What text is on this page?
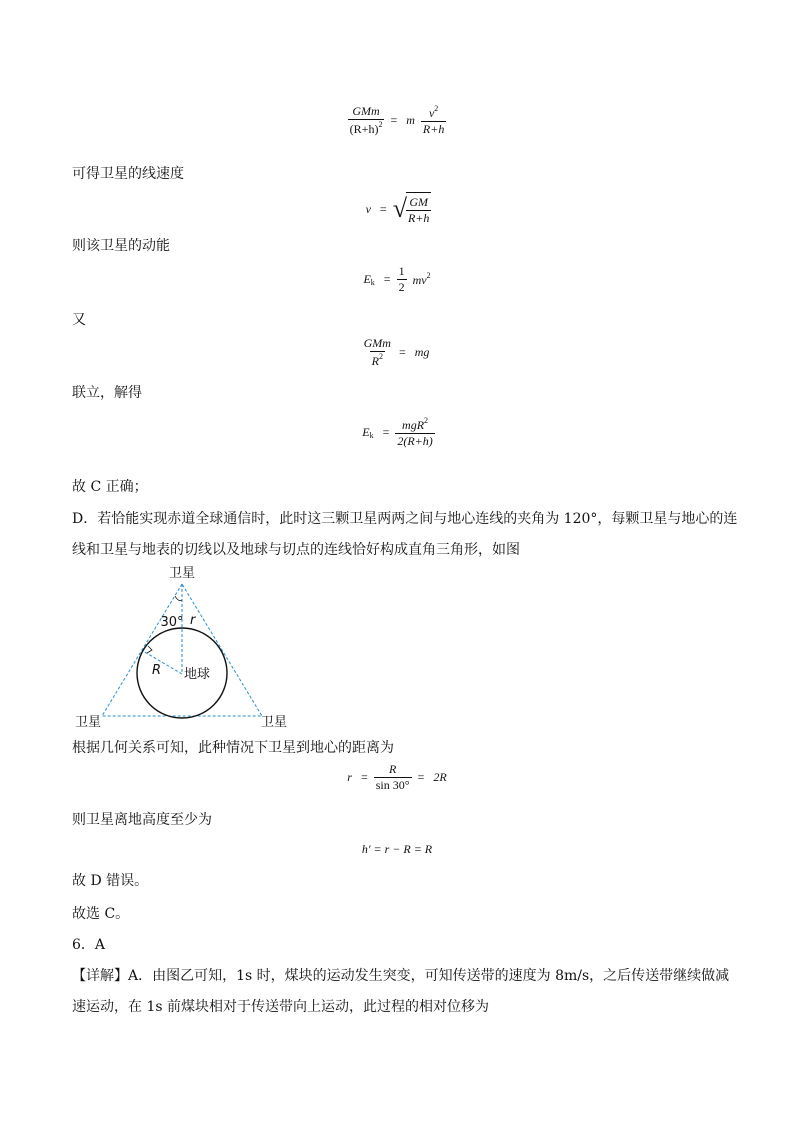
$\frac{\text{GMm}}{(R+h)^2} = m \frac{v^2}{R+h}$
可得卫星的线速度
v = √ $\frac{GM}{R+h}$
则该卫星的动能
$E_k = \frac{1}{2} mv^2$
又
$\frac{\text{GMm}}{R^2}$ = mg
联立，解得
$E_k = \frac{mgR^2}{2(R+h)}$
故 C 正确；
D．若恰能实现赤道全球通信时，此时这三颗卫星两两之间与地心连线的夹角为 120°，每颗卫星与地心的连
线和卫星与地表的切线以及地球与切点的连线恰好构成直角三角形，如图
卫星
卫星	卫星
30° r
R 地球
根据几何关系可知，此种情况下卫星到地心的距离为
$r = \frac{R}{\sin 30^\circ} = 2R$
则卫星离地高度至少为
h′ = r − R = R
故 D 错误。
故选 C。
6．A
【详解】A．由图乙可知，1s 时，煤块的运动发生突变，可知传送带的速度为 8m/s，之后传送带继续做减
速运动，在 1s 前煤块相对于传送带向上运动，此过程的相对位移为
